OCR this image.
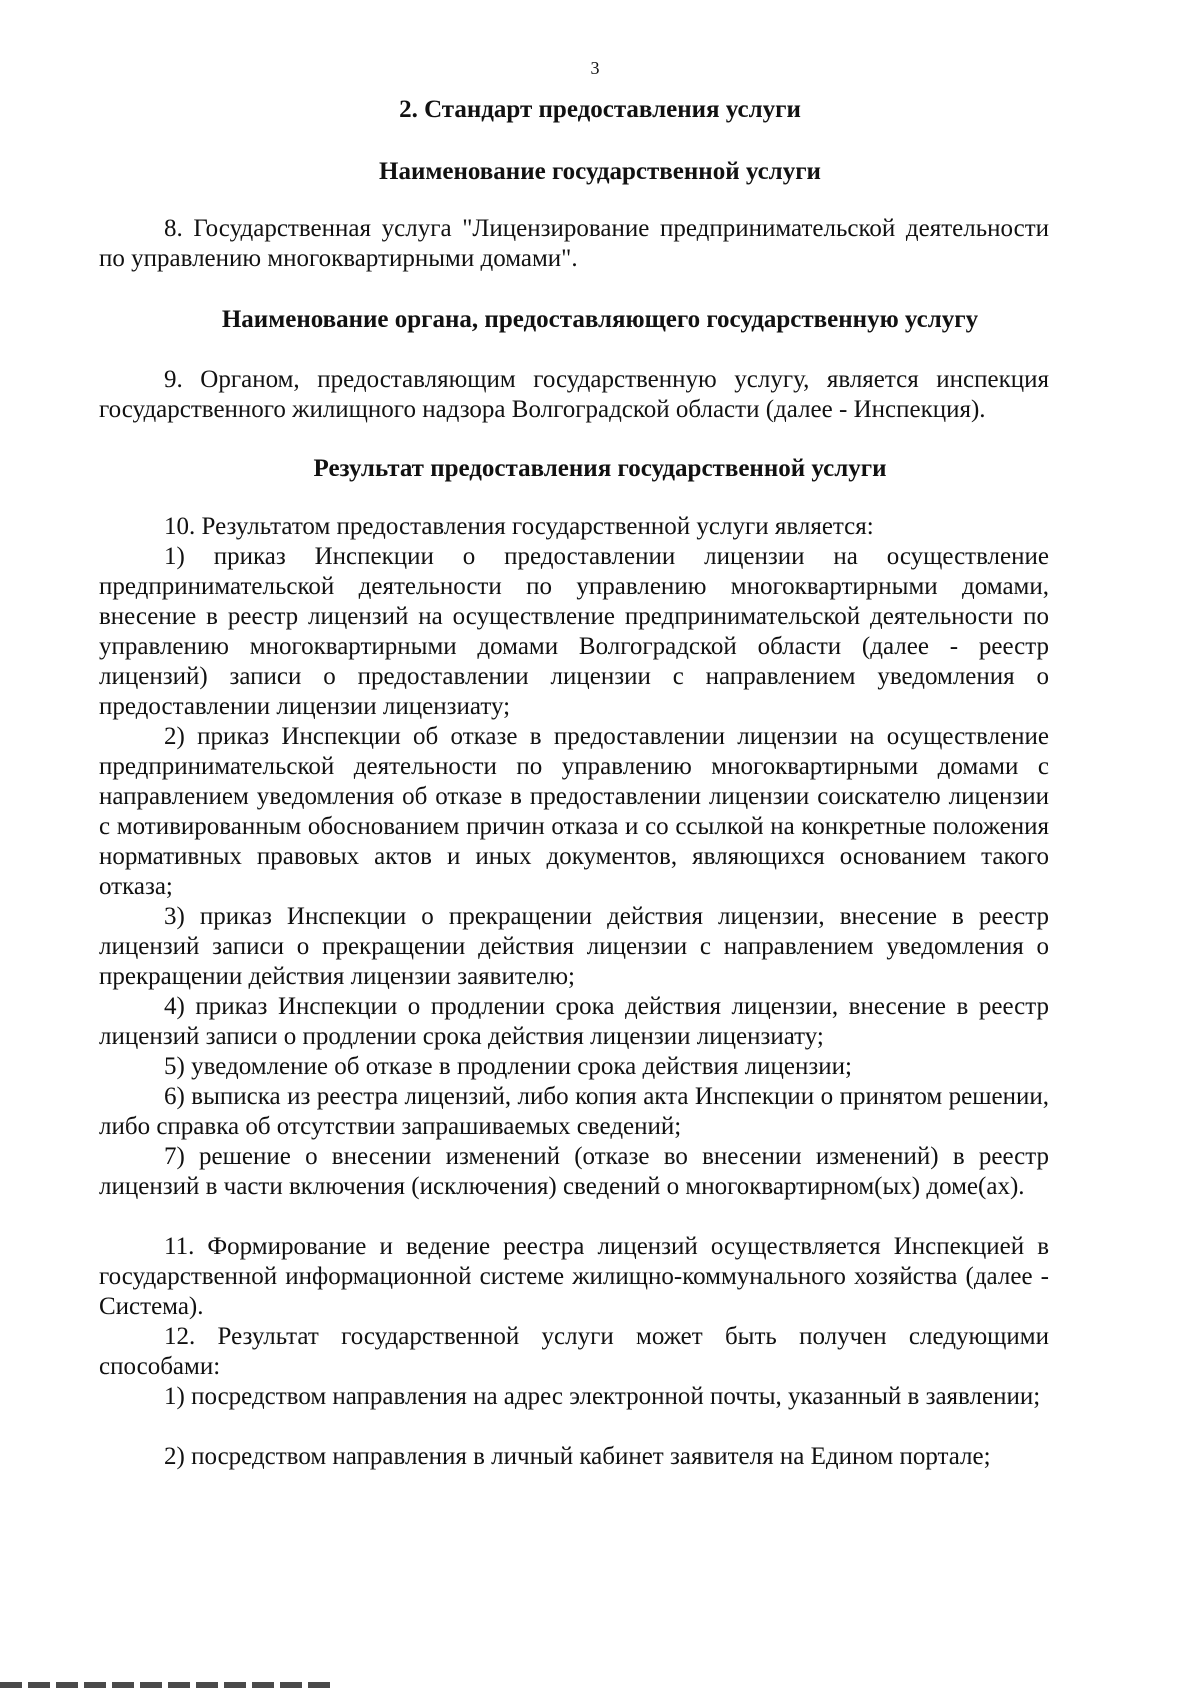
3
2. Стандарт предоставления услуги
Наименование государственной услуги
8. Государственная услуга "Лицензирование предпринимательской деятельности по управлению многоквартирными домами".
Наименование органа, предоставляющего государственную услугу
9. Органом, предоставляющим государственную услугу, является инспекция государственного жилищного надзора Волгоградской области (далее - Инспекция).
Результат предоставления государственной услуги
10. Результатом предоставления государственной услуги является:
1) приказ Инспекции о предоставлении лицензии на осуществление предпринимательской деятельности по управлению многоквартирными домами, внесение в реестр лицензий на осуществление предпринимательской деятельности по управлению многоквартирными домами Волгоградской области (далее - реестр лицензий) записи о предоставлении лицензии с направлением уведомления о предоставлении лицензии лицензиату;
2) приказ Инспекции об отказе в предоставлении лицензии на осуществление предпринимательской деятельности по управлению многоквартирными домами с направлением уведомления об отказе в предоставлении лицензии соискателю лицензии с мотивированным обоснованием причин отказа и со ссылкой на конкретные положения нормативных правовых актов и иных документов, являющихся основанием такого отказа;
3) приказ Инспекции о прекращении действия лицензии, внесение в реестр лицензий записи о прекращении действия лицензии с направлением уведомления о прекращении действия лицензии заявителю;
4) приказ Инспекции о продлении срока действия лицензии, внесение в реестр лицензий записи о продлении срока действия лицензии лицензиату;
5) уведомление об отказе в продлении срока действия лицензии;
6) выписка из реестра лицензий, либо копия акта Инспекции о принятом решении, либо справка об отсутствии запрашиваемых сведений;
7) решение о внесении изменений (отказе во внесении изменений) в реестр лицензий в части включения (исключения) сведений о многоквартирном(ых) доме(ах).
11. Формирование и ведение реестра лицензий осуществляется Инспекцией в государственной информационной системе жилищно-коммунального хозяйства (далее - Система).
12. Результат государственной услуги может быть получен следующими способами:
1) посредством направления на адрес электронной почты, указанный в заявлении;
2) посредством направления в личный кабинет заявителя на Едином портале;
